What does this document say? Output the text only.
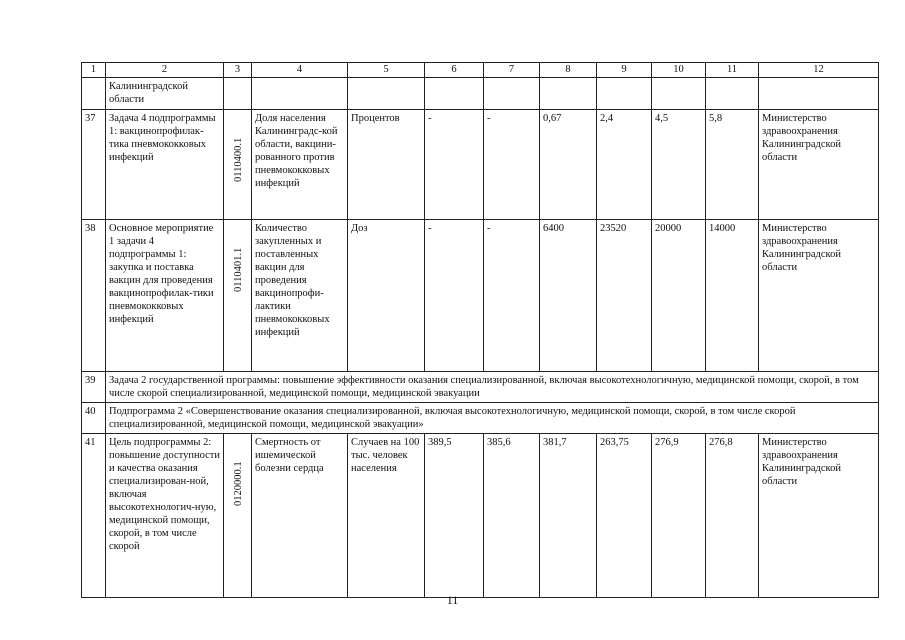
1	2	3	4	5	6	7	8	9	10	11	12
	Калининградской области										
37	Задача 4 подпрограммы 1: вакцинопрофилак-тика пневмококковых инфекций	0110400.1	Доля населения Калининградс-кой области, вакцини-рованного против пневмококковых инфекций	Процентов	-	-	0,67	2,4	4,5	5,8	Министерство здравоохранения Калининградской области
38	Основное мероприятие 1 задачи 4 подпрограммы 1: закупка и поставка вакцин для проведения вакцинопрофилак-тики пневмококковых инфекций	0110401.1	Количество закупленных и поставленных вакцин для проведения вакцинопрофи-лактики пневмококковых инфекций	Доз	-	-	6400	23520	20000	14000	Министерство здравоохранения Калининградской области
39	Задача 2 государственной программы: повышение эффективности оказания специализированной, включая высокотехнологичную, медицинской помощи, скорой, в том числе скорой специализированной, медицинской помощи, медицинской эвакуации										
40	Подпрограмма 2 «Совершенствование оказания специализированной, включая высокотехнологичную, медицинской помощи, скорой, в том числе скорой специализированной, медицинской помощи, медицинской эвакуации»										
41	Цель подпрограммы 2: повышение доступности и качества оказания специализирован-ной, включая высокотехнологич-ную, медицинской помощи, скорой, в том числе скорой	0120000.1	Смертность от ишемической болезни сердца	Случаев на 100 тыс. человек населения	389,5	385,6	381,7	263,75	276,9	276,8	Министерство здравоохранения Калининградской области
11
